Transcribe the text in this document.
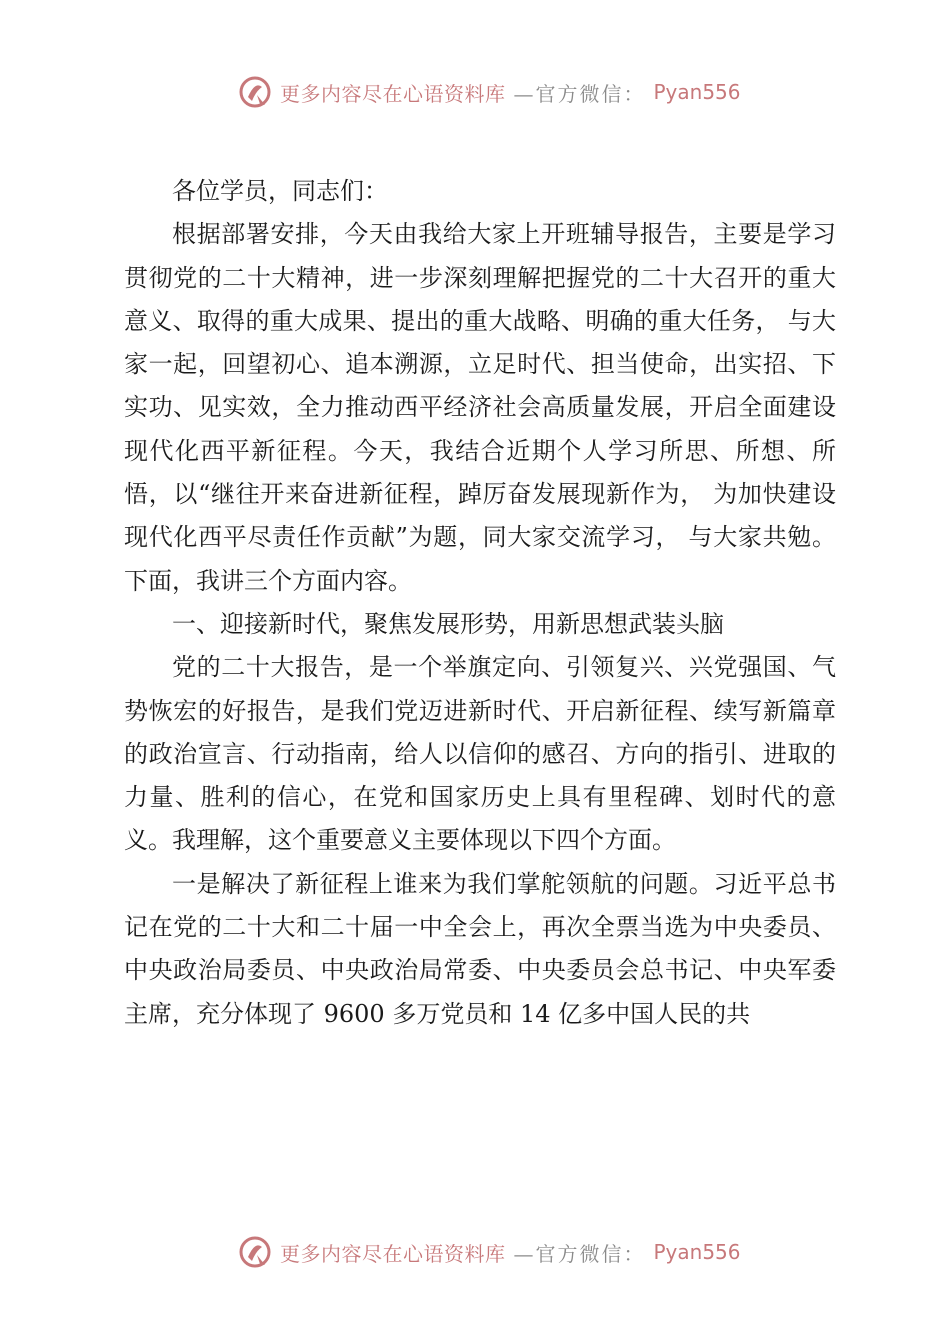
更多内容尽在心语资料库 —官方微信： Pyan556

各位学员，同志们：

根据部署安排，今天由我给大家上开班辅导报告，主要是学习贯彻党的二十大精神，进一步深刻理解把握党的二十大召开的重大意义、取得的重大成果、提出的重大战略、明确的重大任务， 与大家一起，回望初心、追本溯源，立足时代、担当使命，出实招、下实功、见实效，全力推动西平经济社会高质量发展，开启全面建设现代化西平新征程。今天，我结合近期个人学习所思、所想、所悟，以“继往开来奋进新征程，踔厉奋发展现新作为， 为加快建设现代化西平尽责任作贡献”为题，同大家交流学习， 与大家共勉。下面，我讲三个方面内容。

一、迎接新时代，聚焦发展形势，用新思想武装头脑

党的二十大报告，是一个举旗定向、引领复兴、兴党强国、气势恢宏的好报告，是我们党迈进新时代、开启新征程、续写新篇章的政治宣言、行动指南，给人以信仰的感召、方向的指引、进取的力量、胜利的信心，在党和国家历史上具有里程碑、划时代的意义。我理解，这个重要意义主要体现以下四个方面。

一是解决了新征程上谁来为我们掌舵领航的问题。习近平总书记在党的二十大和二十届一中全会上，再次全票当选为中央委员、中央政治局委员、中央政治局常委、中央委员会总书记、中央军委主席，充分体现了 9600 多万党员和 14 亿多中国人民的共

更多内容尽在心语资料库 —官方微信： Pyan556
